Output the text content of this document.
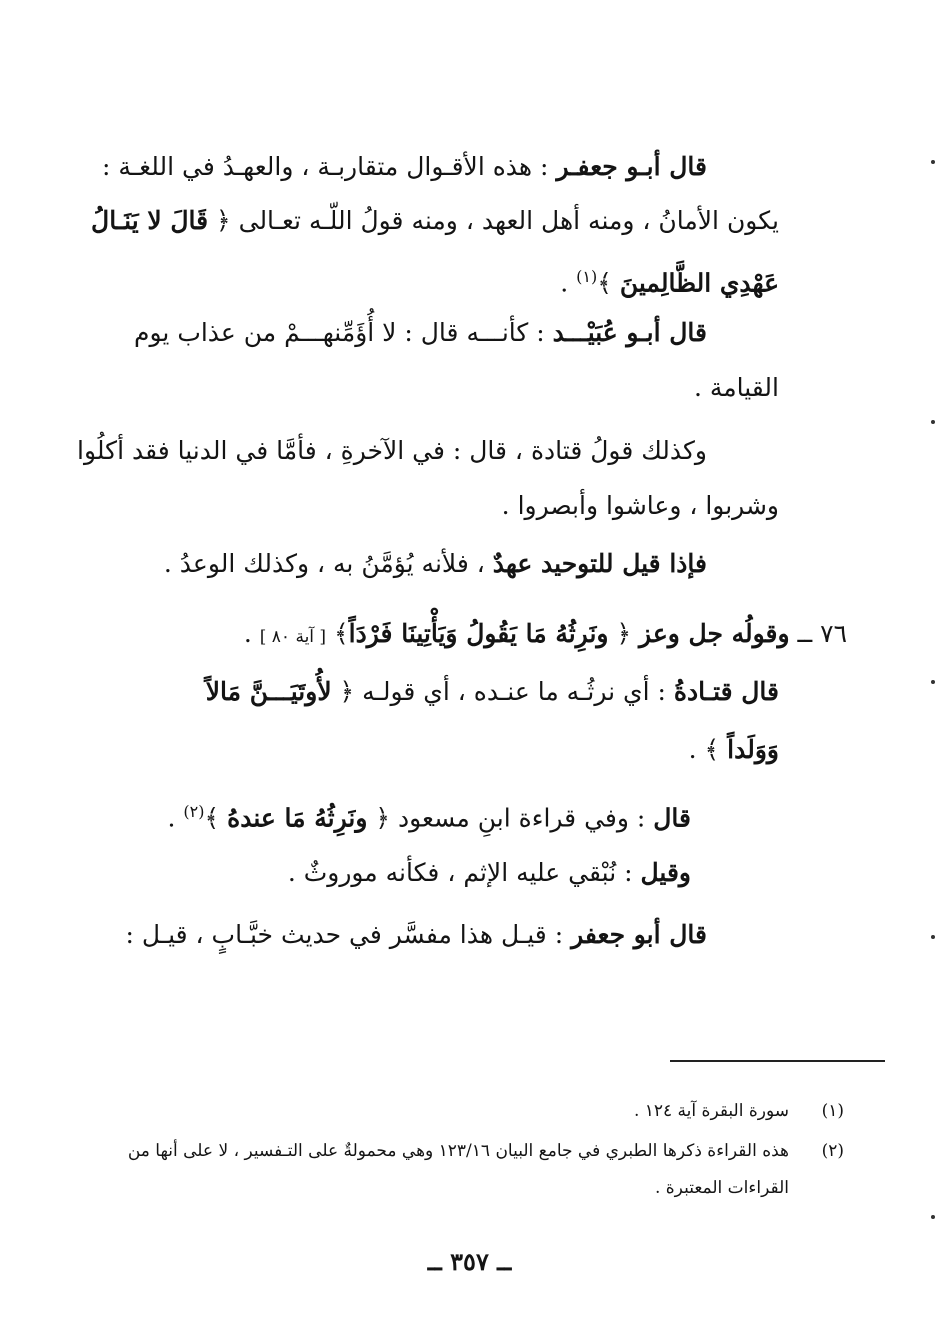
قال أبـو جعفـر : هذه الأقـوال متقاربـة ، والعهـدُ في اللغـة :
يكون الأمانُ ، ومنه أهل العهد ، ومنه قولُ اللّـه تعـالى ﴿ قَالَ لا يَنَـالُ
عَهْدِي الظَّالِمينَ ﴾$^{(١)}$ .
قال أبـو عُبَيْـــد : كأنـــه قال : لا أُؤَمِّنهـــمْ من عذاب يوم
القيامة .
وكذلك قولُ قتادة ، قال : في الآخرةِ ، فأمَّا في الدنيا فقد أكلُوا
وشربوا ، وعاشوا وأبصروا .
فإذا قيل للتوحيد عهدٌ ، فلأنه يُؤمَّنُ به ، وكذلك الوعدُ .
٧٦ ــ وقولُه جل وعز ﴿ ونَرِثُهُ مَا يَقُولُ وَيَأْتِينَا فَرْدَاً﴾ [ آية ٨٠ ] .
قال قتـادةُ : أي نرثُـه ما عنـده ، أي قولـه ﴿ لأُوتَيَـــنَّ مَالاً
وَوَلَداً ﴾ .
قال : وفي قراءة ابنِ مسعود ﴿ ونَرِثُهُ مَا عندهُ ﴾$^{(٢)}$ .
وقيل : نُبْقي عليه الإثم ، فكأنه موروثٌ .
قال أبو جعفر : قيـل هذا مفسَّر في حديث خبَّـابٍ ، قيـل :
(١)
سورة البقرة آية ١٢٤ .
(٢)
هذه القراءة ذكرها الطبري في جامع البيان ١٢٣/١٦ وهي محمولةٌ على التـفسير ، لا على أنها من
القراءات المعتبرة .
ــ ٣٥٧ ــ
